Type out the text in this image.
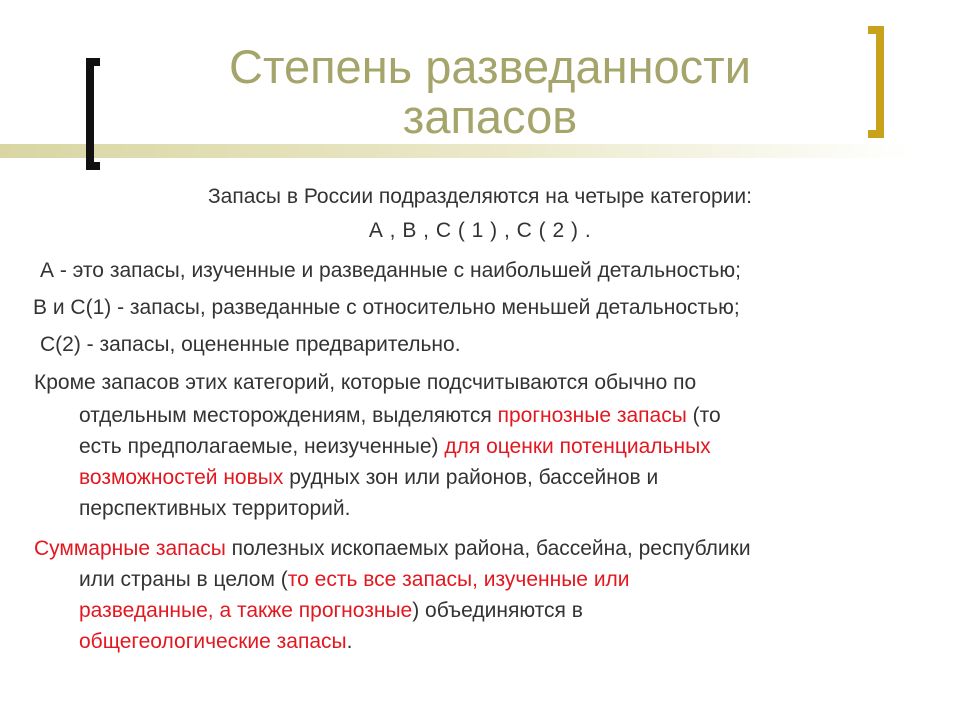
Степень разведанности
запасов
Запасы в России подразделяются на четыре категории:
А , В , С ( 1 ) , С ( 2 ) .
А - это запасы, изученные и разведанные с наибольшей детальностью;
В и С(1) - запасы, разведанные с относительно меньшей детальностью;
С(2) - запасы, оцененные предварительно.
Кроме запасов этих категорий, которые подсчитываются обычно по
отдельным месторождениям, выделяются прогнозные запасы (то
есть предполагаемые, неизученные) для оценки потенциальных
возможностей новых рудных зон или районов, бассейнов и
перспективных территорий.
Суммарные запасы полезных ископаемых района, бассейна, республики
или страны в целом (то есть все запасы, изученные или
разведанные, а также прогнозные) объединяются в
общегеологические запасы.
